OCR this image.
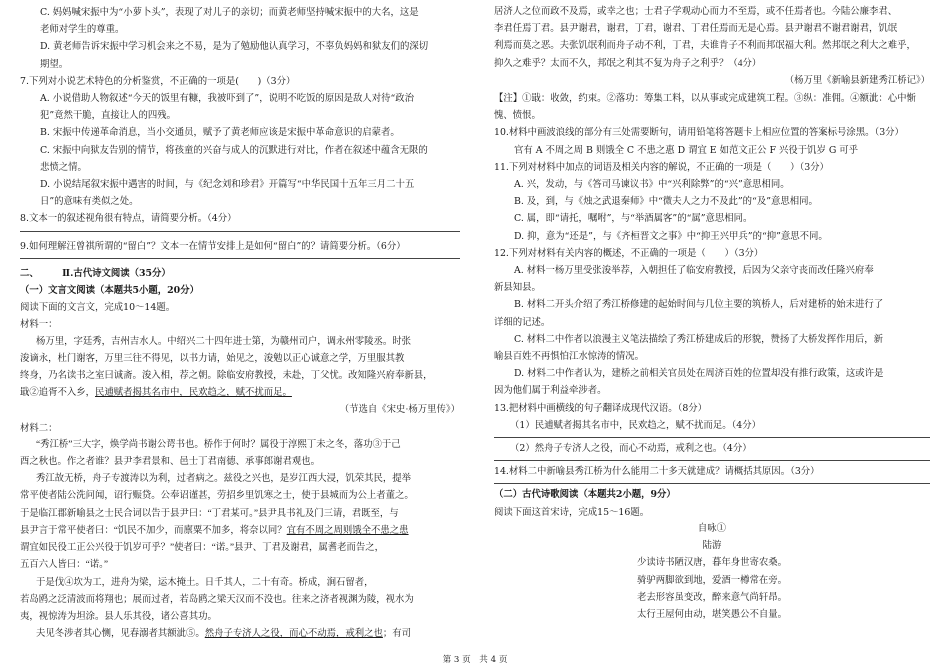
C. 妈妈喊宋振中为“小萝卜头”，表现了对儿子的亲切；而黄老师坚持喊宋振中的大名，这是

老师对学生的尊重。

D. 黄老师告诉宋振中学习机会来之不易，是为了勉励他认真学习，不辜负妈妈和狱友们的深切

期望。

7.下列对小说艺术特色的分析鉴赏，不正确的一项是(　　)（3分）

A. 小说借助人物叙述“今天的饭里有糠，我被吓到了”，说明不吃饭的原因是敌人对待“政治

犯”竟然干脆，直接让人的四残。

B. 宋振中传递革命消息，当小交通员，赋予了黄老师应该是宋振中革命意识的启蒙者。

C. 宋振中向狱友告别的情节，将孩童的兴奋与成人的沉默进行对比，作者在叙述中蕴含无限的

悲愤之情。

D. 小说结尾叙宋振中遇害的时间，与《纪念刘和珍君》开篇写“中华民国十五年三月二十五

日”的意味有类似之处。

8.文本一的叙述视角很有特点，请简要分析。（4分）

9.如何理解汪曾祺所谓的“留白”？文本一在情节安排上是如何“留白”的？请简要分析。（6分）

二、　　　Ⅱ.古代诗文阅读（35分）

（一）文言文阅读（本题共5小题，20分）

阅读下面的文言文，完成10～14题。

材料一：

杨万里，字廷秀，吉州吉水人。中绍兴二十四年进士第，为赣州司户，调永州零陵丞。时张

浚谪永，杜门谢客，万里三往不得见，以书力请，始见之，浚勉以正心诚意之学，万里服其教

终身，乃名读书之室曰诚斋。浚入相，荐之朝。除临安府教授，未赴，丁父忧。改知隆兴府奉新县，

戢②追胥不入乡，民逋赋者揭其名市中，民欢趋之，赋不扰而足。

（节选自《宋史·杨万里传》）

材料二：

“秀江桥”三大字，焕学尚书谢公谔书也。桥作于何时？属役于淳熙丁未之冬，落功③于己

酉之秋也。作之者谁？县尹李君景和、邑士丁君南德、承事郎谢君观也。

秀江故无桥，舟子专渡涛以为利，过者病之。兹役之兴也，是岁江西大浸，饥荣其民，提举

常平使者陆公洗问闻，诏行赈贷。公奉诏谨甚，劳招乡里饥寒之士，使于县城而为公上者董之。

于是临江郡新喻县之士民合词以告于县尹曰：“丁君某可。”县尹具书礼及门三请，君既至，与

县尹言于常平使者曰：“饥民不加少，而廪粟不加多，将奈以同？宜有不周之周则饿全不患之患

谓宜如民役工正公兴役于饥岁可乎？”使者曰：“诺。”县尹、丁君及谢君，属耆老而告之，

五百六人皆曰：“诺。”

于是伐④坎为工，进舟为梁，运木掩土。日千其人，二十有奇。桥成，涧石留者，

若岛鸥之泛清波而将翔也；展而过者，若岛鸥之梁天汉而不没也。往来之济者视渊为陵，视水为

夷，视惊涛为坦涂。县人乐其役，诸公喜其功。

夫见冬涉者其心恻，见春溺者其额泚⑤。然舟子专济人之役，而心不动焉，戒利之也；有司

居济人之位而政不及焉，或幸之也；士君子学观动心而力不至焉，或不任焉者也。今陆公廉李君、

李君任焉丁君。县尹谢君，谢君，丁君，谢君、丁君任焉而无是心焉。县尹谢君不谢君谢君，饥氓

利焉而莫之恶。夫张饥氓利而舟子动不利，丁君，夫谁肯子不利而邦氓福大利。然邦氓之利大之难乎，

抑久之难乎？太而不久，邦氓之利其不复为舟子之利乎？（4分）

（杨万里《新喻县新建秀江桥记》）

【注】①戢：收敛，约束。②落功：筹集工料，以从事或完成建筑工程。③纵：准佣。④额泚：心中惭愧、愤恨。

10.材料中画波浪线的部分有三处需要断句，请用铅笔将答题卡上相应位置的答案标号涂黑。（3分）

官有 A 不周之周 B 则饿全 C 不患之惠 D 谓宜 E 如范文正公 F 兴役于饥岁 G 可乎

11.下列对材料中加点的词语及相关内容的解说，不正确的一项是（　　）（3分）

A. 兴，发动，与《答司马谏议书》中“兴利除弊”的“兴”意思相同。

B. 及，到，与《烛之武退秦师》中“微夫人之力不及此”的“及”意思相同。

C. 属，即“请托，嘱咐”，与“举酒属客”的“属”意思相同。

D. 抑，意为“还是”，与《齐桓晋文之事》中“抑王兴甲兵”的“抑”意思不同。

12.下列对材料有关内容的概述，不正确的一项是（　　）（3分）

A. 材料一杨万里受张浚举荐，入朝担任了临安府教授，后因为父亲守丧而改任隆兴府奉

新县知县。

B. 材料二开头介绍了秀江桥修建的起始时间与几位主要的筑桥人，后对建桥的始末进行了

详细的记述。

C. 材料二中作者以浪漫主义笔法描绘了秀江桥建成后的形貌，赞扬了大桥发挥作用后，新

喻县百姓不再惧怕江水惊涛的情况。

D. 材料二中作者认为，建桥之前相关官员处在周济百姓的位置却没有推行政策，这或许是

因为他们属于利益牵涉者。

13.把材料中画横线的句子翻译成现代汉语。（8分）

（1）民逋赋者揭其名市中，民欢趋之，赋不扰而足。（4分）

（2）然舟子专济人之役，而心不动焉，戒利之也。（4分）

14.材料二中新喻县秀江桥为什么能用二十多天就建成？请概括其原因。（3分）

（二）古代诗歌阅读（本题共2小题，9分）

阅读下面这首宋诗，完成15～16题。

自咏①

陆游

少读诗书陋汉唐，暮年身世寄农桑。

骑驴两脚欲到地，爱酒一樽常在旁。

老去形容虽变改，醉来意气尚轩昂。

太行王屋何由动，堪笑愚公不自量。

第 3 页　共 4 页
